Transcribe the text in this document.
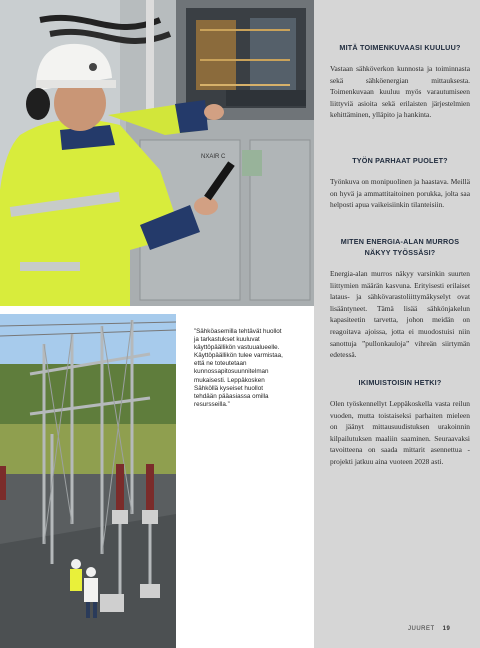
NXAIR C
”Sähköasemilla tehtävät huollot ja tarkastukset kuuluvat käyttöpäällikön vastuualueelle. Käyttöpäällikön tulee varmistaa, että ne toteutetaan kunnossapitosuunnitelman mukaisesti. Leppäkosken Sähköllä kyseiset huollot tehdään pääasiassa omilla resursseilla.”
MITÄ TOIMENKUVAASI KUULUU?

Vastaan sähköverkon kunnosta ja toiminnasta sekä sähköenergian mittauksesta. Toimenkuvaan kuuluu myös varautumiseen liittyviä asioita sekä erilaisten järjestelmien kehittäminen, ylläpito ja hankinta.

TYÖN PARHAAT PUOLET?

Työnkuva on monipuolinen ja haastava. Meillä on hyvä ja ammattitaitoinen porukka, jolta saa helposti apua vaikeisiinkin tilanteisiin.

MITEN ENERGIA-ALAN MURROS NÄKYY TYÖSSÄSI?

Energia-alan murros näkyy varsinkin suurten liittymien määrän kasvuna. Erityisesti erilaiset lataus- ja sähkövarastoliittymäkyselyt ovat lisääntyneet. Tämä lisää sähkönjakelun kapasiteetin tarvetta, johon meidän on reagoitava ajoissa, jotta ei muodostuisi niin sanottuja ”pullonkauloja” vihreän siirtymän edetessä.

IKIMUISTOISIN HETKI?

Olen työskennellyt Leppäkoskella vasta reilun vuoden, mutta toistaiseksi parhaiten mieleen on jäänyt mittausuudistuksen urakoinnin kilpailutuksen maaliin saaminen. Seuraavaksi tavoitteena on saada mittarit asennettua - projekti jatkuu aina vuoteen 2028 asti.

JUURET 19
